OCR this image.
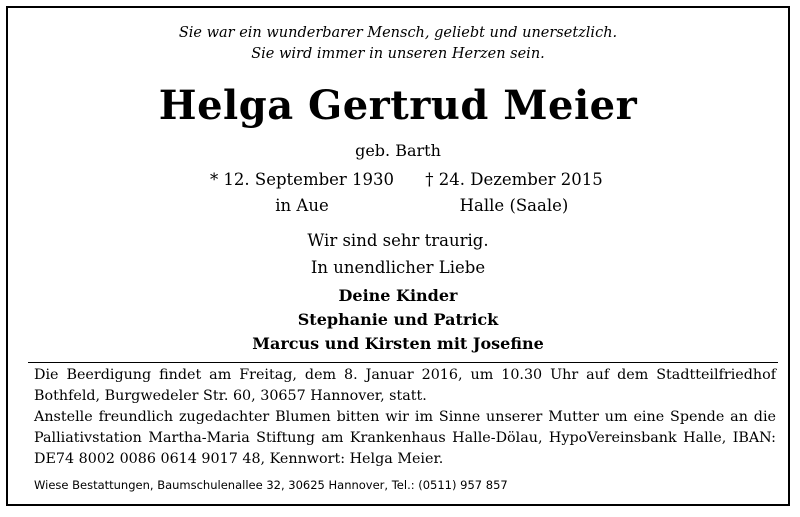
Sie war ein wunderbarer Mensch, geliebt und unersetzlich.
Sie wird immer in unseren Herzen sein.
Helga Gertrud Meier
geb. Barth
* 12. September 1930
in Aue
† 24. Dezember 2015
Halle (Saale)
Wir sind sehr traurig.
In unendlicher Liebe
Deine Kinder
Stephanie und Patrick
Marcus und Kirsten mit Josefine
Die Beerdigung findet am Freitag, dem 8. Januar 2016, um 10.30 Uhr auf dem Stadtteilfriedhof Bothfeld, Burgwedeler Str. 60, 30657 Hannover, statt.
Anstelle freundlich zugedachter Blumen bitten wir im Sinne unserer Mutter um eine Spende an die Palliativstation Martha-Maria Stiftung am Krankenhaus Halle-Dölau, HypoVereinsbank Halle, IBAN: DE74 8002 0086 0614 9017 48, Kennwort: Helga Meier.
Wiese Bestattungen, Baumschulenallee 32, 30625 Hannover, Tel.: (0511) 957 857
